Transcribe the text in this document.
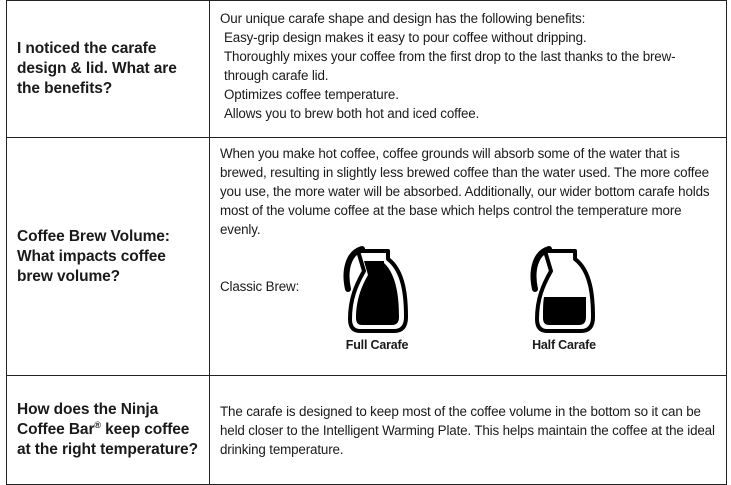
I noticed the carafe design & lid. What are the benefits?	Our unique carafe shape and design has the following benefits:
Easy-grip design makes it easy to pour coffee without dripping.
Thoroughly mixes your coffee from the first drop to the last thanks to the brew-through carafe lid.
Optimizes coffee temperature.
Allows you to brew both hot and iced coffee.

Coffee Brew Volume: What impacts coffee brew volume?	When you make hot coffee, coffee grounds will absorb some of the water that is brewed, resulting in slightly less brewed coffee than the water used. The more coffee you use, the more water will be absorbed. Additionally, our wider bottom carafe holds most of the volume coffee at the base which helps control the temperature more evenly.
Classic Brew:
Full Carafe Half Carafe

How does the Ninja Coffee Bar® keep coffee at the right temperature?	The carafe is designed to keep most of the coffee volume in the bottom so it can be held closer to the Intelligent Warming Plate. This helps maintain the coffee at the ideal drinking temperature.
